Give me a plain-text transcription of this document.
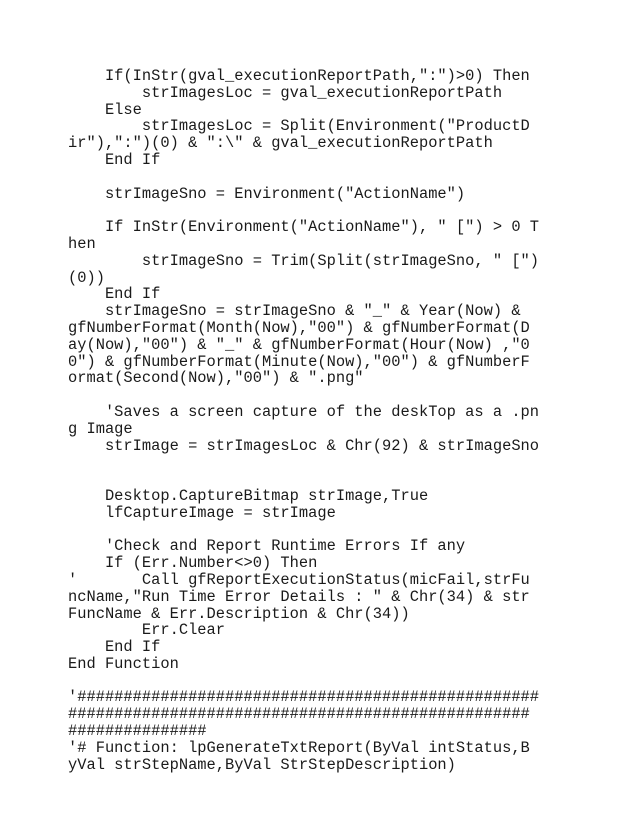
If(InStr(gval_executionReportPath,":")>0) Then
strImagesLoc = gval_executionReportPath
Else
strImagesLoc = Split(Environment("ProductD
ir"),":")(0) & ":\" & gval_executionReportPath
End If
strImageSno = Environment("ActionName")
If InStr(Environment("ActionName"), " [") > 0 T
hen
strImageSno = Trim(Split(strImageSno, " [")
(0))
End If
strImageSno = strImageSno & "_" & Year(Now) &
gfNumberFormat(Month(Now),"00") & gfNumberFormat(D
ay(Now),"00") & "_" & gfNumberFormat(Hour(Now) ,"0
0") & gfNumberFormat(Minute(Now),"00") & gfNumberF
ormat(Second(Now),"00") & ".png"
'Saves a screen capture of the deskTop as a .pn
g Image
strImage = strImagesLoc & Chr(92) & strImageSno
Desktop.CaptureBitmap strImage,True
lfCaptureImage = strImage
'Check and Report Runtime Errors If any
If (Err.Number<>0) Then
'       Call gfReportExecutionStatus(micFail,strFu
ncName,"Run Time Error Details : " & Chr(34) & str
FuncName & Err.Description & Chr(34))
Err.Clear
End If
End Function
'##################################################
##################################################
###############
'# Function: lpGenerateTxtReport(ByVal intStatus,B
yVal strStepName,ByVal StrStepDescription)
